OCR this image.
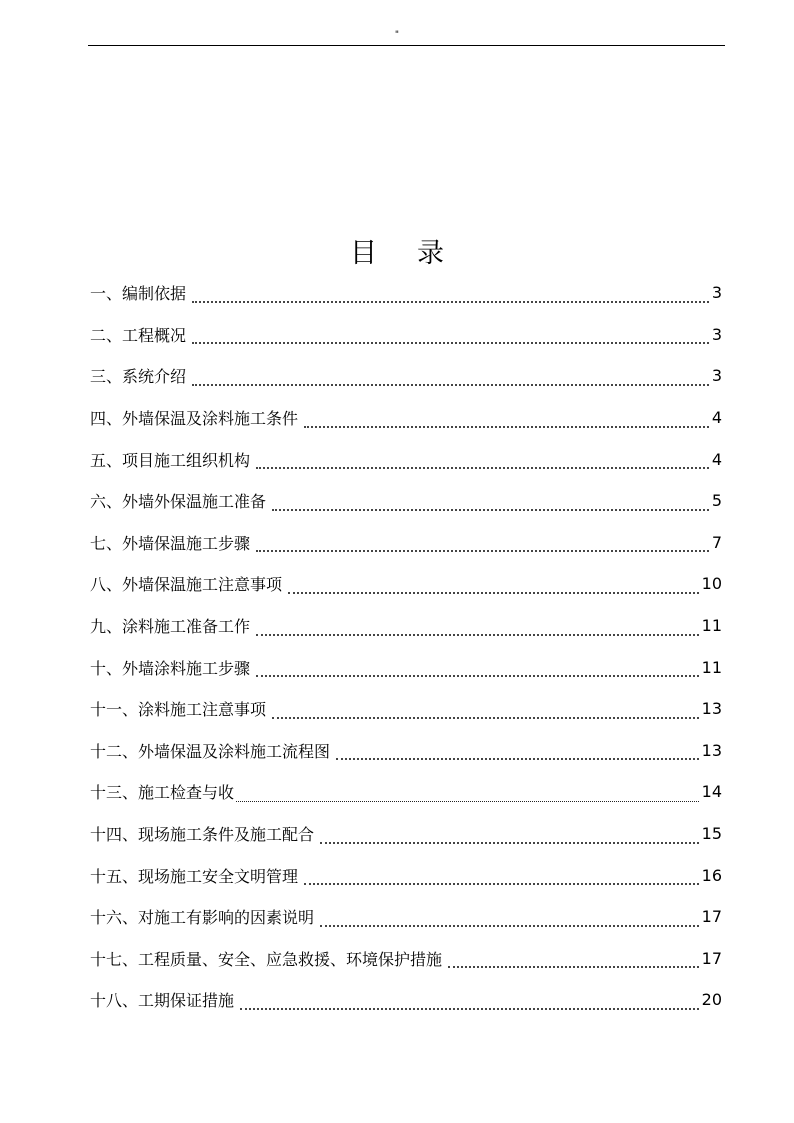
"
目录
一、编制依据	3
二、工程概况	3
三、系统介绍	3
四、外墙保温及涂料施工条件	4
五、项目施工组织机构	4
六、外墙外保温施工准备	5
七、外墙保温施工步骤	7
八、外墙保温施工注意事项	10
九、涂料施工准备工作	11
十、外墙涂料施工步骤	11
十一、涂料施工注意事项	13
十二、外墙保温及涂料施工流程图	13
十三、施工检查与收	14
十四、现场施工条件及施工配合	15
十五、现场施工安全文明管理	16
十六、对施工有影响的因素说明	17
十七、工程质量、安全、应急救援、环境保护措施	17
十八、工期保证措施	20
